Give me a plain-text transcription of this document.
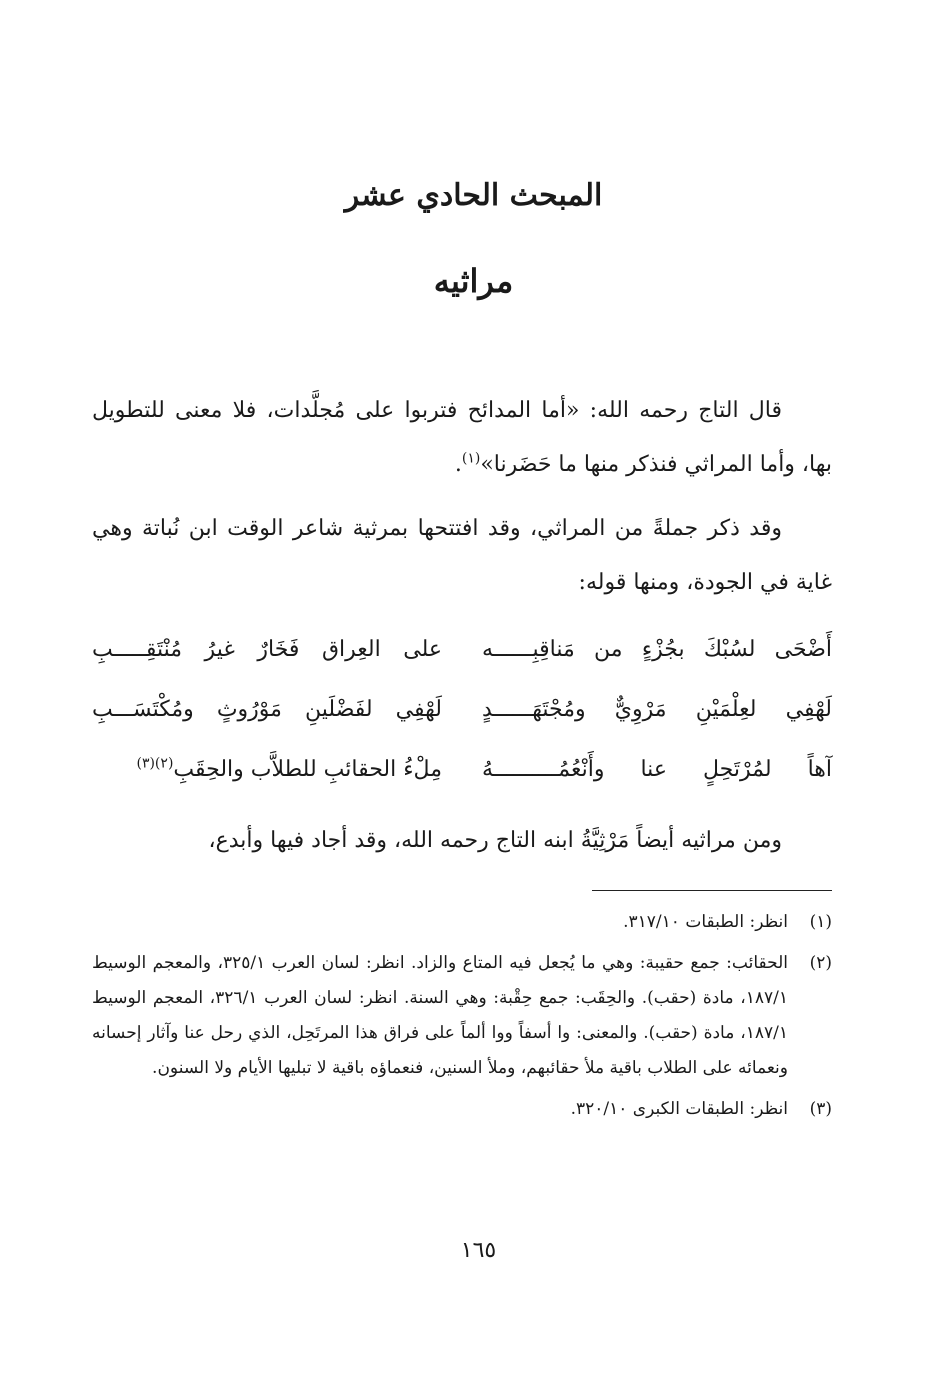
المبحث الحادي عشر
مراثيه

قال التاج رحمه الله: «أما المدائح فتربوا على مُجلَّدات، فلا معنى للتطويل بها، وأما المراثي فنذكر منها ما حَضَرنا»$^{(١)}$.

وقد ذكر جملةً من المراثي، وقد افتتحها بمرثية شاعر الوقت ابن نُباتة وهي غاية في الجودة، ومنها قوله:

أَضْحَى لسُبْكَ بجُزْءٍ من مَناقِبِــــــه
على العِراق فَخَارٌ غيرُ مُنْتَقِـــــبِ
لَهْفِي لعِلْمَيْنِ مَرْوِيٌّ ومُجْتَهَــــــدٍ
لَهْفِي لفَضْلَينِ مَوْرُوثٍ ومُكْتَسَـــبِ
آهاً لمُرْتَحِلٍ عنا وأَنْعُمُــــــــــهُ
مِلْءُ الحقائبِ للطلاَّب والحِقَبِ$^{(٢)(٣)}$

ومن مراثيه أيضاً مَرْثِيَّةُ ابنه التاج رحمه الله، وقد أجاد فيها وأبدع،

(١)
انظر: الطبقات ٣١٧/١٠.
(٢)
الحقائب: جمع حقيبة: وهي ما يُجعل فيه المتاع والزاد. انظر: لسان العرب ٣٢٥/١، والمعجم الوسيط ١٨٧/١، مادة (حقب). والحِقَب: جمع حِقْبة: وهي السنة. انظر: لسان العرب ٣٢٦/١، المعجم الوسيط ١٨٧/١، مادة (حقب). والمعنى: وا أسفاً ووا ألماً على فراق هذا المرتَحِل، الذي رحل عنا وآثار إحسانه ونعمائه على الطلاب باقية ملأ حقائبهم، وملأ السنين، فنعماؤه باقية لا تبليها الأيام ولا السنون.
(٣)
انظر: الطبقات الكبرى ٣٢٠/١٠.
١٦٥
